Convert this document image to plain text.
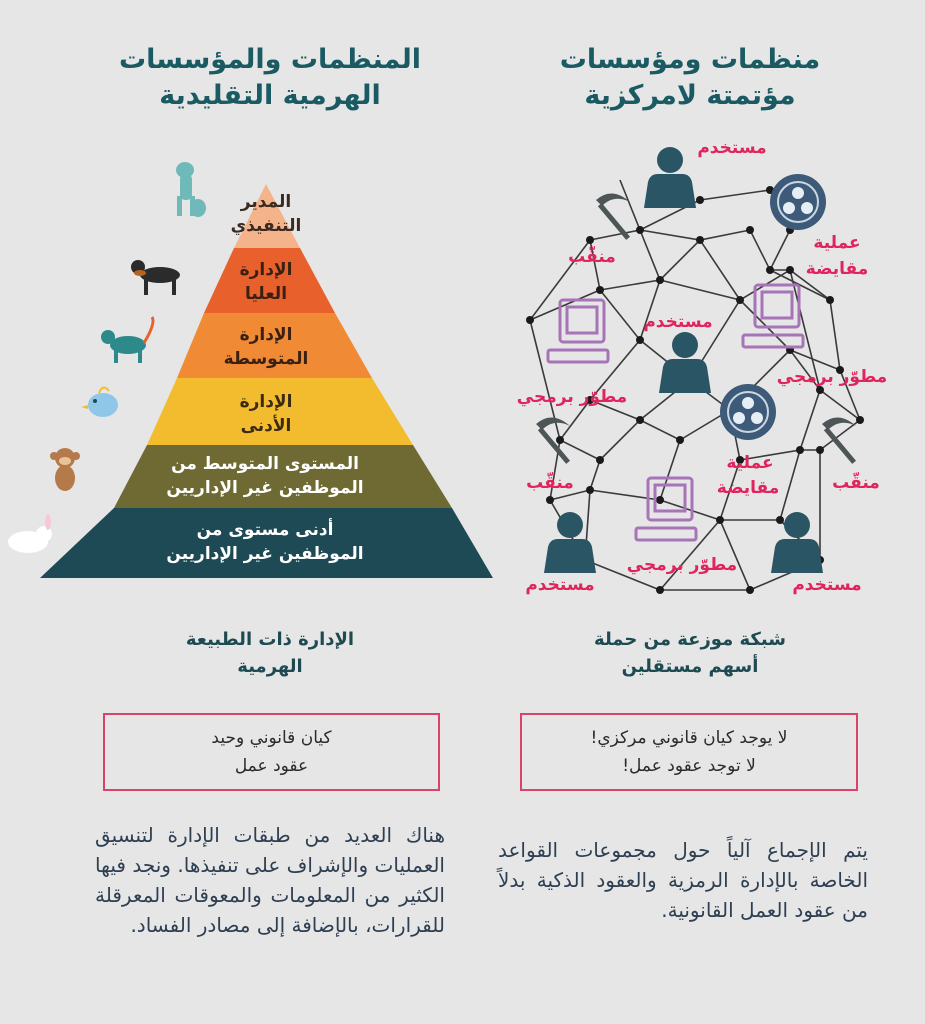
المنظمات والمؤسسات
الهرمية التقليدية
المدير
التنفيذي
الإدارة
العليا
الإدارة
المتوسطة
الإدارة
الأدنى
المستوى المتوسط من
الموظفين غير الإداريين
أدنى مستوى من
الموظفين غير الإداريين
الإدارة ذات الطبيعة
الهرمية
كيان قانوني وحيد
عقود عمل
هناك العديد من طبقات الإدارة لتنسيق العمليات والإشراف على تنفيذها. ونجد فيها الكثير من المعلومات والمعوقات المعرقلة للقرارات، بالإضافة إلى مصادر الفساد.
منظمات ومؤسسات
مؤتمتة لامركزية
مستخدم
مستخدم
مستخدم	مستخدم
عملية
مقايضة
عملية
مقايضة
منقّب
منقّب	منقّب
مطوّر برمجي
مطوّر برمجي
مطوّر برمجي
شبكة موزعة من حملة
أسهم مستقلين
لا يوجد كيان قانوني مركزي!
لا توجد عقود عمل!
يتم الإجماع آلياً حول مجموعات القواعد الخاصة بالإدارة الرمزية والعقود الذكية بدلاً من عقود العمل القانونية.
